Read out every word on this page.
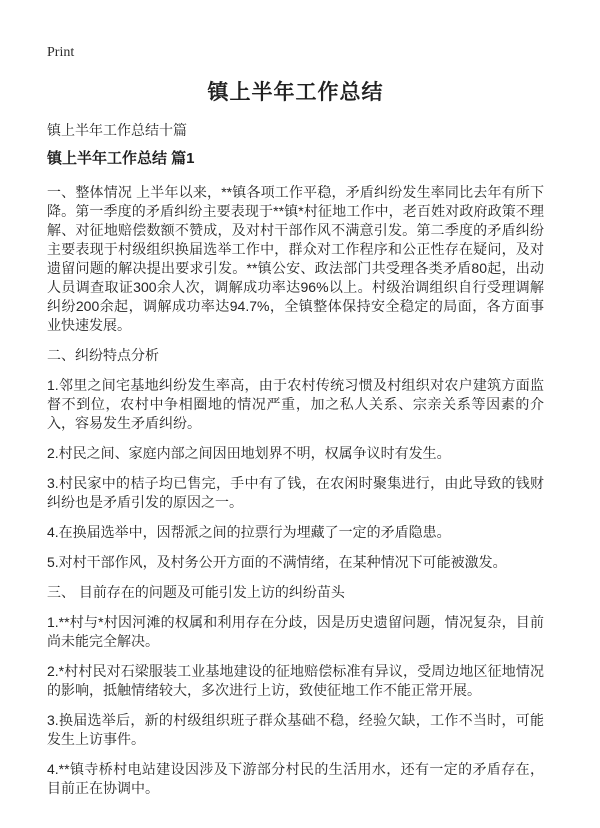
Print
镇上半年工作总结

镇上半年工作总结十篇

镇上半年工作总结 篇1

一、整体情况 上半年以来，**镇各项工作平稳，矛盾纠纷发生率同比去年有所下降。第一季度的矛盾纠纷主要表现于**镇*村征地工作中，老百姓对政府政策不理解、对征地赔偿数额不赞成，及对村干部作风不满意引发。第二季度的矛盾纠纷主要表现于村级组织换届选举工作中，群众对工作程序和公正性存在疑问，及对遗留问题的解决提出要求引发。**镇公安、政法部门共受理各类矛盾80起，出动人员调查取证300余人次，调解成功率达96%以上。村级治调组织自行受理调解纠纷200余起，调解成功率达94.7%，全镇整体保持安全稳定的局面，各方面事业快速发展。

二、纠纷特点分析

1.邻里之间宅基地纠纷发生率高，由于农村传统习惯及村组织对农户建筑方面监督不到位，农村中争相圈地的情况严重，加之私人关系、宗亲关系等因素的介入，容易发生矛盾纠纷。

2.村民之间、家庭内部之间因田地划界不明，权属争议时有发生。

3.村民家中的桔子均已售完，手中有了钱，在农闲时聚集进行，由此导致的钱财纠纷也是矛盾引发的原因之一。

4.在换届选举中，因帮派之间的拉票行为埋藏了一定的矛盾隐患。

5.对村干部作风，及村务公开方面的不满情绪，在某种情况下可能被激发。

三、 目前存在的问题及可能引发上访的纠纷苗头

1.**村与*村因河滩的权属和利用存在分歧，因是历史遗留问题，情况复杂，目前尚未能完全解决。

2.*村村民对石梁服装工业基地建设的征地赔偿标准有异议，受周边地区征地情况的影响，抵触情绪较大，多次进行上访，致使征地工作不能正常开展。

3.换届选举后，新的村级组织班子群众基础不稳，经验欠缺，工作不当时，可能发生上访事件。

4.**镇寺桥村电站建设因涉及下游部分村民的生活用水，还有一定的矛盾存在，目前正在协调中。
